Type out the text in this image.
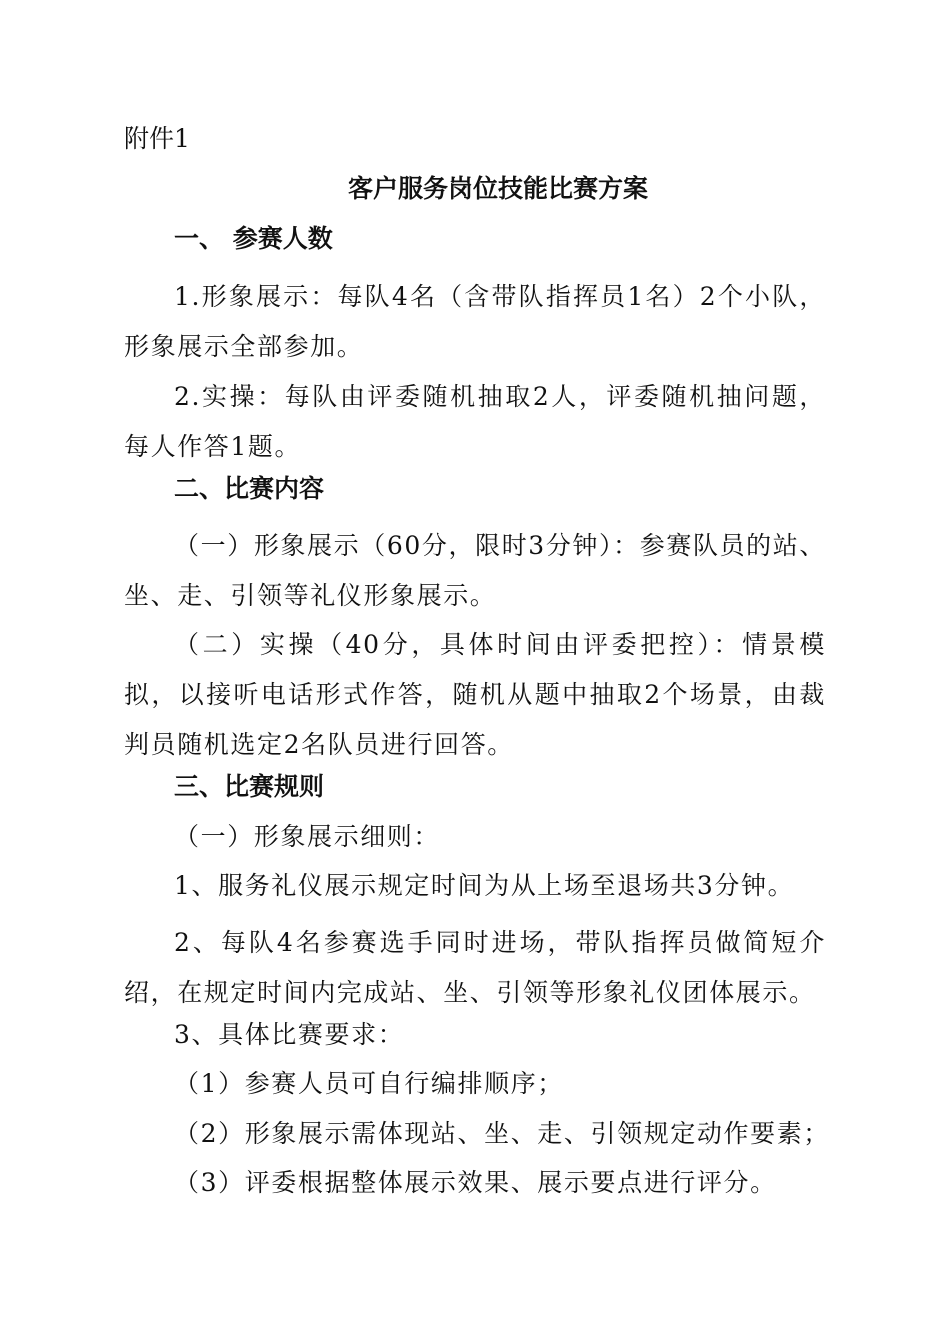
附件1
客户服务岗位技能比赛方案
一、 参赛人数
1.形象展示：每队4名（含带队指挥员1名）2个小队，形象展示全部参加。
2.实操：每队由评委随机抽取2人，评委随机抽问题，每人作答1题。
二、比赛内容
（一）形象展示（60分，限时3分钟）：参赛队员的站、坐、走、引领等礼仪形象展示。
（二）实操（40分，具体时间由评委把控）：情景模拟，以接听电话形式作答，随机从题中抽取2个场景，由裁判员随机选定2名队员进行回答。
三、比赛规则
（一）形象展示细则：
1、服务礼仪展示规定时间为从上场至退场共3分钟。
2、每队4名参赛选手同时进场，带队指挥员做简短介绍，在规定时间内完成站、坐、引领等形象礼仪团体展示。
3、具体比赛要求：
（1）参赛人员可自行编排顺序；
（2）形象展示需体现站、坐、走、引领规定动作要素；
（3）评委根据整体展示效果、展示要点进行评分。
